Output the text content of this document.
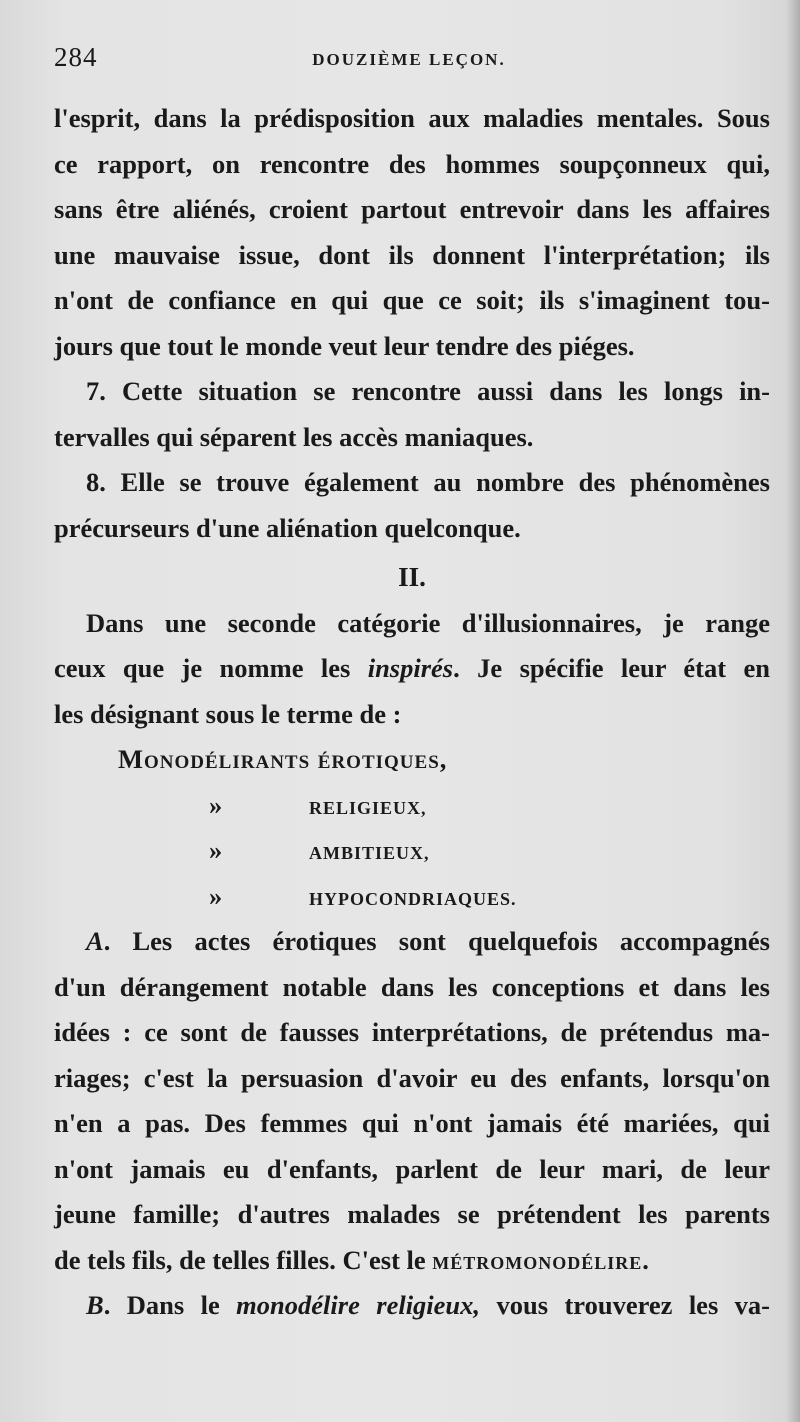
284	DOUZIÈME LEÇON.
l'esprit, dans la prédisposition aux maladies mentales. Sous
ce rapport, on rencontre des hommes soupçonneux qui,
sans être aliénés, croient partout entrevoir dans les affaires
une mauvaise issue, dont ils donnent l'interprétation; ils
n'ont de confiance en qui que ce soit; ils s'imaginent tou-
jours que tout le monde veut leur tendre des piéges.
7. Cette situation se rencontre aussi dans les longs in-
tervalles qui séparent les accès maniaques.
8. Elle se trouve également au nombre des phénomènes
précurseurs d'une aliénation quelconque.
II.
Dans une seconde catégorie d'illusionnaires, je range
ceux que je nomme les inspirés. Je spécifie leur état en
les désignant sous le terme de :
Monodélirants érotiques,
»	RELIGIEUX,
»	AMBITIEUX,
»	HYPOCONDRIAQUES.
A. Les actes érotiques sont quelquefois accompagnés
d'un dérangement notable dans les conceptions et dans les
idées : ce sont de fausses interprétations, de prétendus ma-
riages; c'est la persuasion d'avoir eu des enfants, lorsqu'on
n'en a pas. Des femmes qui n'ont jamais été mariées, qui
n'ont jamais eu d'enfants, parlent de leur mari, de leur
jeune famille; d'autres malades se prétendent les parents
de tels fils, de telles filles. C'est le MÉTROMONODÉLIRE.
B. Dans le monodélire religieux, vous trouverez les va-
